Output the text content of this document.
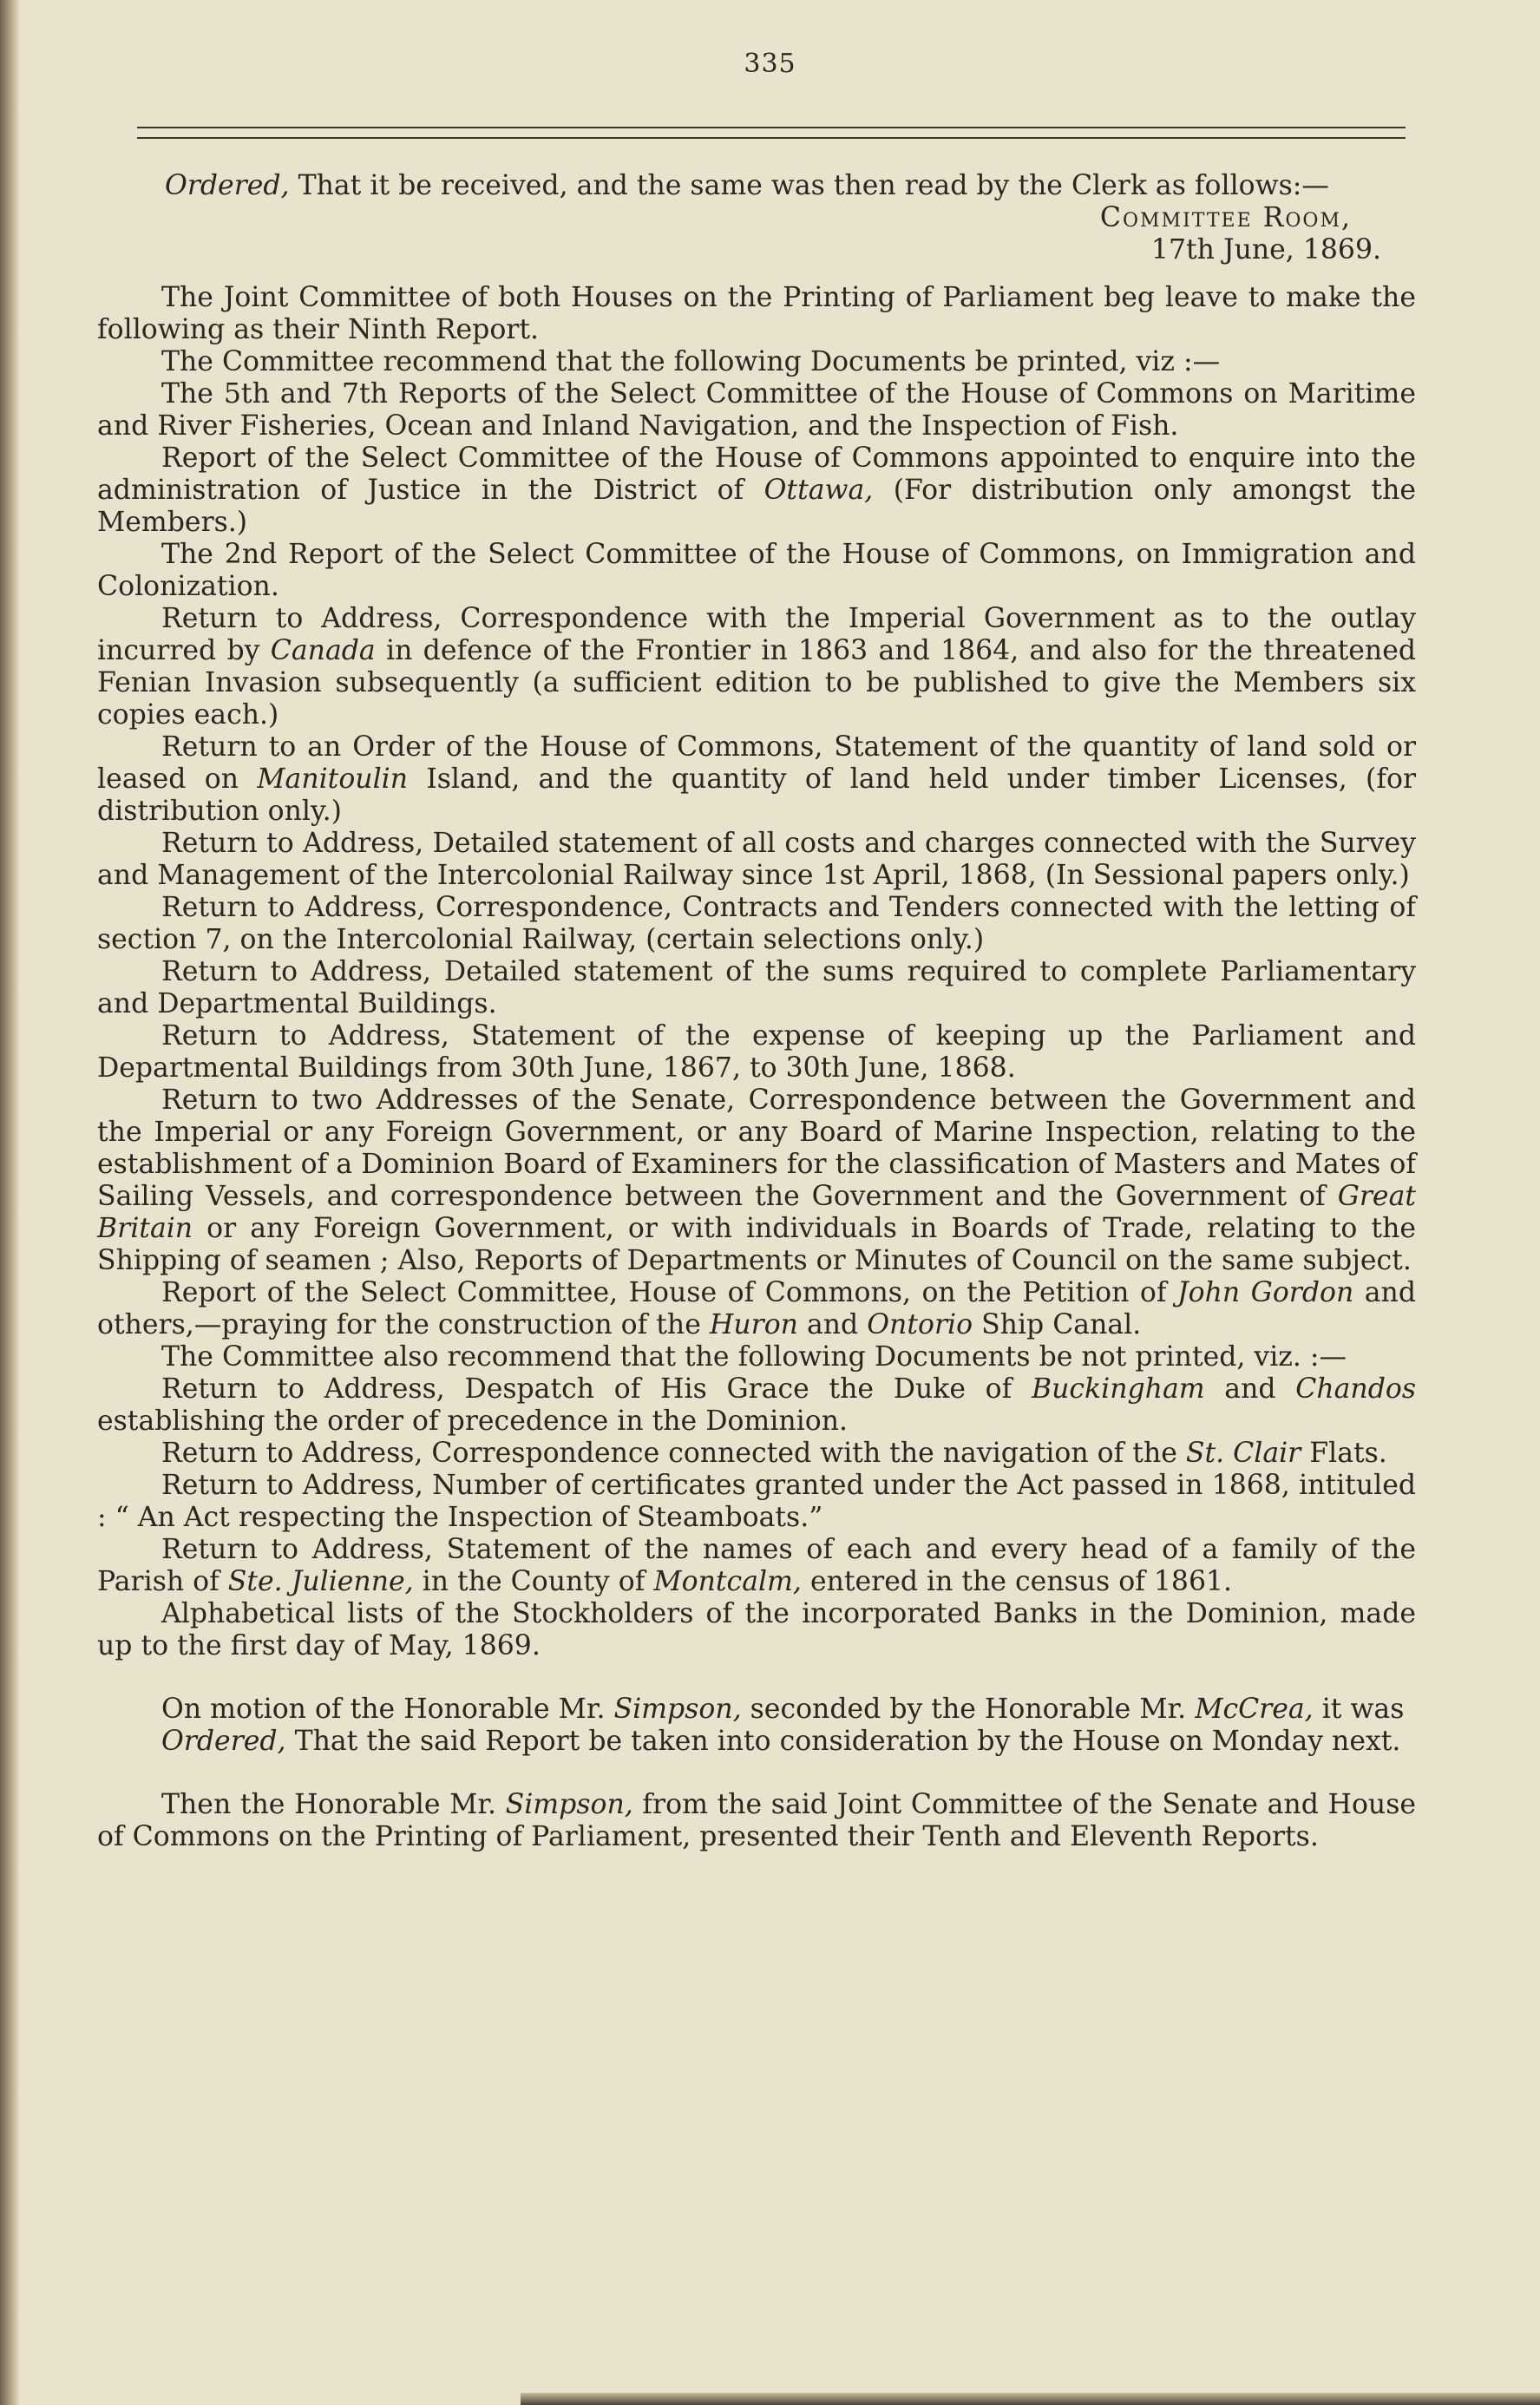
335

Ordered, That it be received, and the same was then read by the Clerk as follows:—

Committee Room,
17th June, 1869.

The Joint Committee of both Houses on the Printing of Parliament beg leave to make the following as their Ninth Report.

The Committee recommend that the following Documents be printed, viz :—

The 5th and 7th Reports of the Select Committee of the House of Commons on Maritime and River Fisheries, Ocean and Inland Navigation, and the Inspection of Fish.

Report of the Select Committee of the House of Commons appointed to enquire into the administration of Justice in the District of Ottawa, (For distribution only amongst the Members.)

The 2nd Report of the Select Committee of the House of Commons, on Immigration and Colonization.

Return to Address, Correspondence with the Imperial Government as to the outlay incurred by Canada in defence of the Frontier in 1863 and 1864, and also for the threatened Fenian Invasion subsequently (a sufficient edition to be published to give the Members six copies each.)

Return to an Order of the House of Commons, Statement of the quantity of land sold or leased on Manitoulin Island, and the quantity of land held under timber Licenses, (for distribution only.)

Return to Address, Detailed statement of all costs and charges connected with the Survey and Management of the Intercolonial Railway since 1st April, 1868, (In Sessional papers only.)

Return to Address, Correspondence, Contracts and Tenders connected with the letting of section 7, on the Intercolonial Railway, (certain selections only.)

Return to Address, Detailed statement of the sums required to complete Parliamentary and Departmental Buildings.

Return to Address, Statement of the expense of keeping up the Parliament and Departmental Buildings from 30th June, 1867, to 30th June, 1868.

Return to two Addresses of the Senate, Correspondence between the Government and the Imperial or any Foreign Government, or any Board of Marine Inspection, relating to the establishment of a Dominion Board of Examiners for the classification of Masters and Mates of Sailing Vessels, and correspondence between the Government and the Government of Great Britain or any Foreign Government, or with individuals in Boards of Trade, relating to the Shipping of seamen ; Also, Reports of Departments or Minutes of Council on the same subject.

Report of the Select Committee, House of Commons, on the Petition of John Gordon and others,—praying for the construction of the Huron and Ontorio Ship Canal.

The Committee also recommend that the following Documents be not printed, viz. :—

Return to Address, Despatch of His Grace the Duke of Buckingham and Chandos establishing the order of precedence in the Dominion.

Return to Address, Correspondence connected with the navigation of the St. Clair Flats.

Return to Address, Number of certificates granted under the Act passed in 1868, intituled : “ An Act respecting the Inspection of Steamboats.”

Return to Address, Statement of the names of each and every head of a family of the Parish of Ste. Julienne, in the County of Montcalm, entered in the census of 1861.

Alphabetical lists of the Stockholders of the incorporated Banks in the Dominion, made up to the first day of May, 1869.

On motion of the Honorable Mr. Simpson, seconded by the Honorable Mr. McCrea, it was

Ordered, That the said Report be taken into consideration by the House on Monday next.

Then the Honorable Mr. Simpson, from the said Joint Committee of the Senate and House of Commons on the Printing of Parliament, presented their Tenth and Eleventh Reports.
